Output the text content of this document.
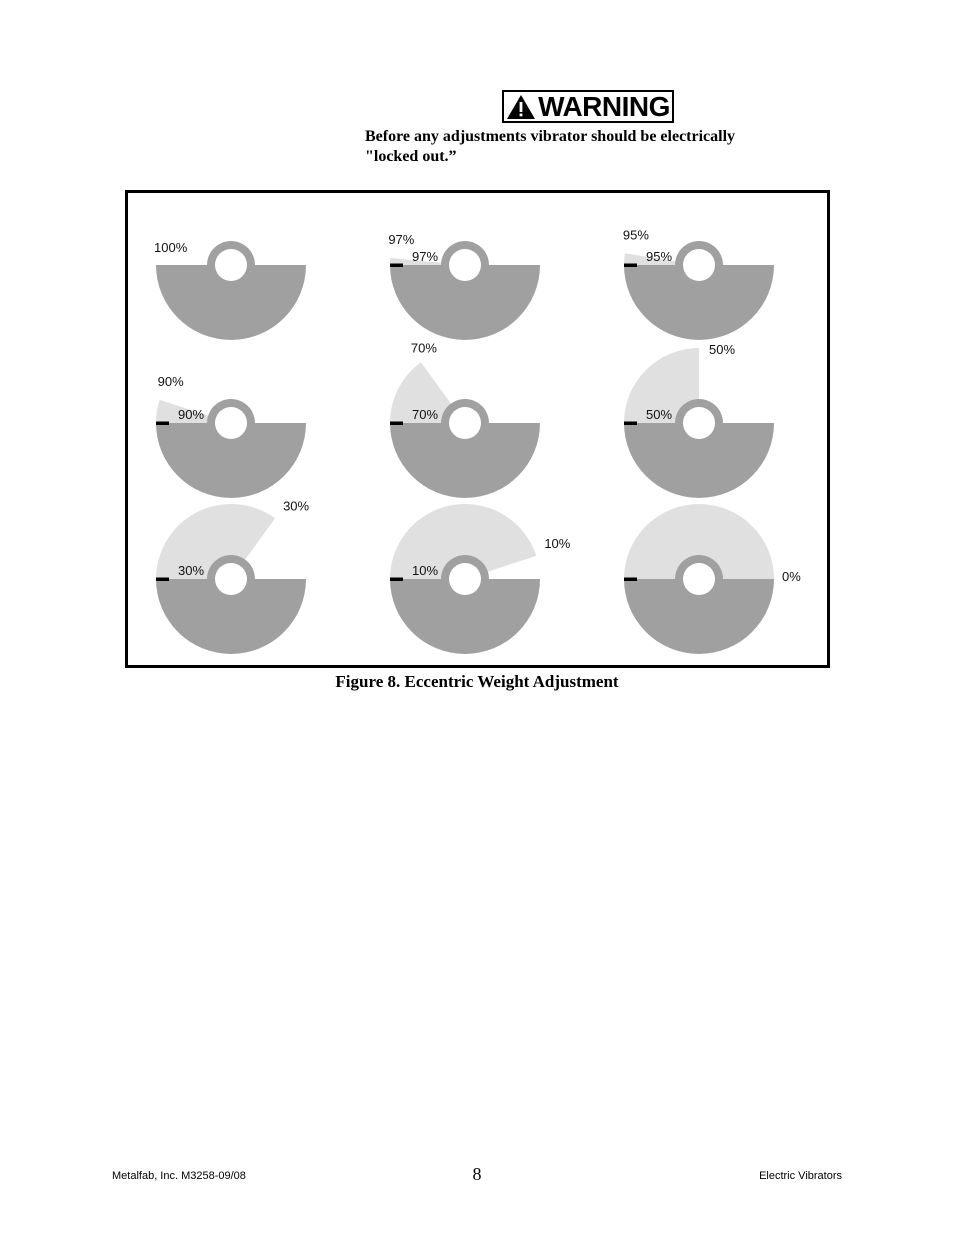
WARNING
Before any adjustments vibrator should be electrically "locked out.”
100%
97%
97%
95%
95%
90%
90%
70%
70%
50%
50%
30%
30%
10%
10%
0%
Figure 8. Eccentric Weight Adjustment
Metalfab, Inc. M3258-09/08	8	Electric Vibrators
